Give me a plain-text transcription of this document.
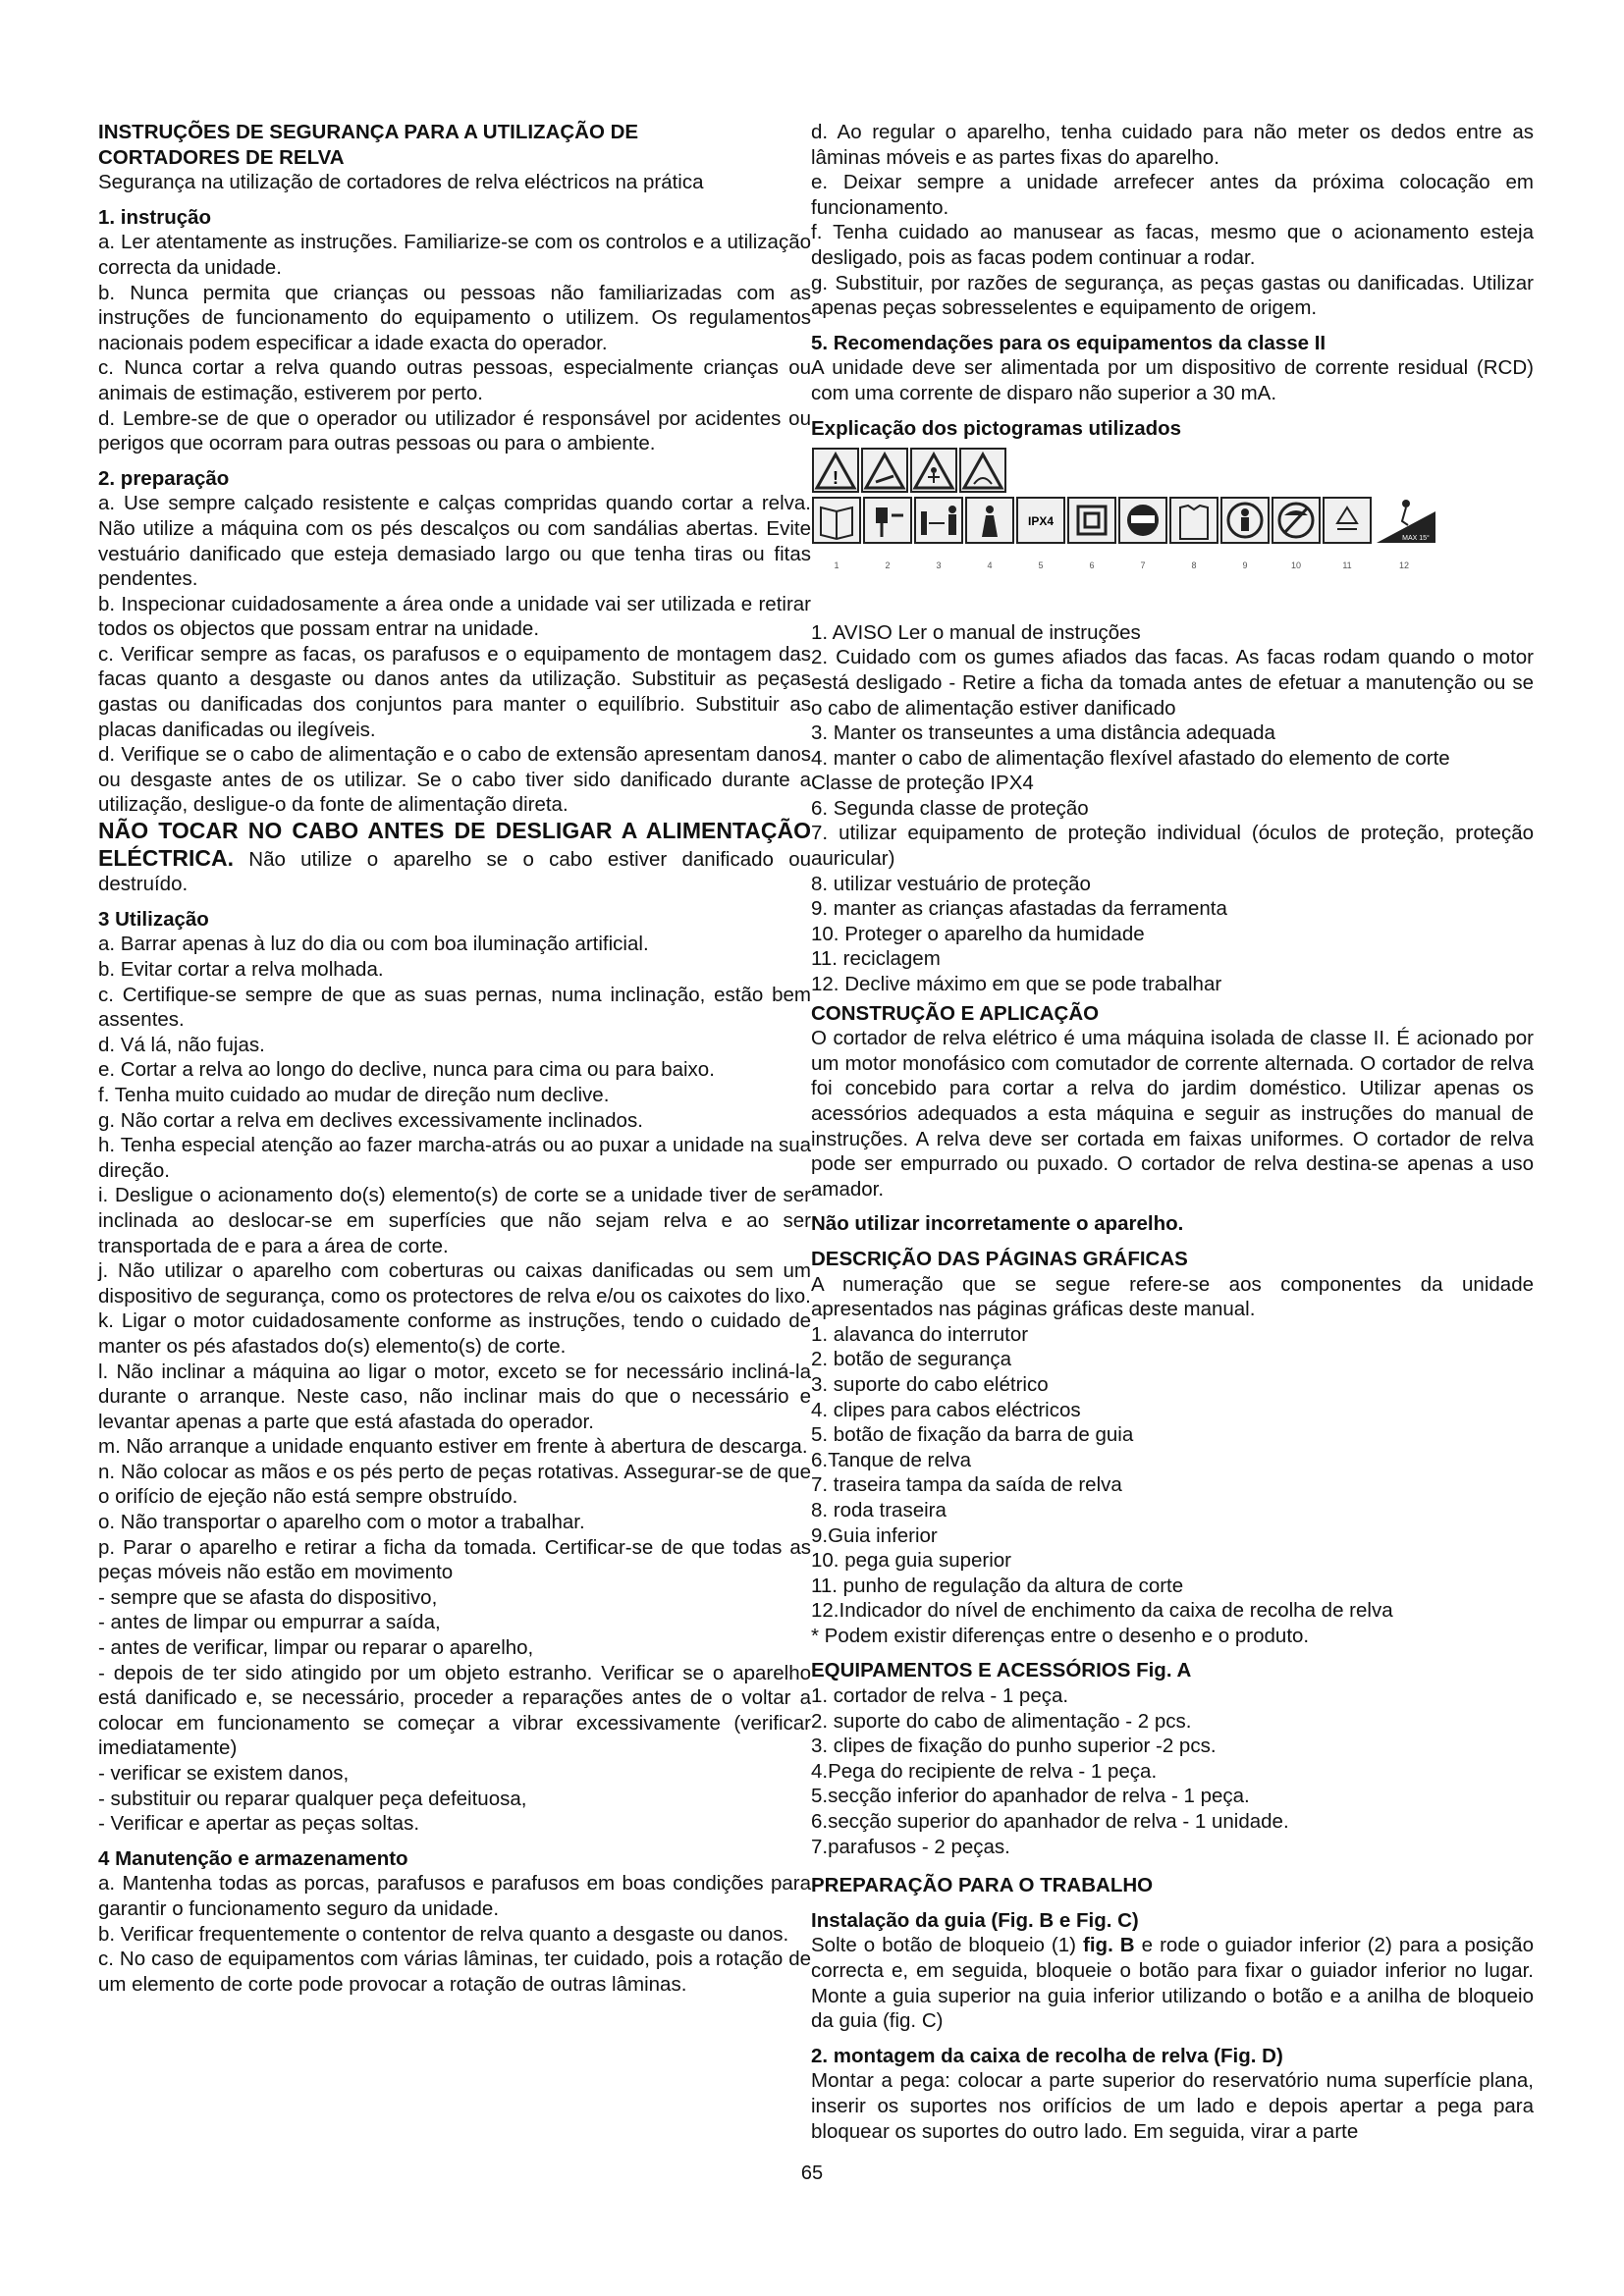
INSTRUÇÕES DE SEGURANÇA PARA A UTILIZAÇÃO DE
CORTADORES DE RELVA

Segurança na utilização de cortadores de relva eléctricos na prática

1. instrução

a. Ler atentamente as instruções. Familiarize-se com os controlos e a utilização correcta da unidade.

b. Nunca permita que crianças ou pessoas não familiarizadas com as instruções de funcionamento do equipamento o utilizem. Os regulamentos nacionais podem especificar a idade exacta do operador.

c. Nunca cortar a relva quando outras pessoas, especialmente crianças ou animais de estimação, estiverem por perto.

d. Lembre-se de que o operador ou utilizador é responsável por acidentes ou perigos que ocorram para outras pessoas ou para o ambiente.

2. preparação

a. Use sempre calçado resistente e calças compridas quando cortar a relva. Não utilize a máquina com os pés descalços ou com sandálias abertas. Evite vestuário danificado que esteja demasiado largo ou que tenha tiras ou fitas pendentes.

b. Inspecionar cuidadosamente a área onde a unidade vai ser utilizada e retirar todos os objectos que possam entrar na unidade.

c. Verificar sempre as facas, os parafusos e o equipamento de montagem das facas quanto a desgaste ou danos antes da utilização. Substituir as peças gastas ou danificadas dos conjuntos para manter o equilíbrio. Substituir as placas danificadas ou ilegíveis.

d. Verifique se o cabo de alimentação e o cabo de extensão apresentam danos ou desgaste antes de os utilizar. Se o cabo tiver sido danificado durante a utilização, desligue-o da fonte de alimentação direta.

NÃO TOCAR NO CABO ANTES DE DESLIGAR A ALIMENTAÇÃO ELÉCTRICA. Não utilize o aparelho se o cabo estiver danificado ou destruído.

3 Utilização

a. Barrar apenas à luz do dia ou com boa iluminação artificial.

b. Evitar cortar a relva molhada.

c. Certifique-se sempre de que as suas pernas, numa inclinação, estão bem assentes.

d. Vá lá, não fujas.

e. Cortar a relva ao longo do declive, nunca para cima ou para baixo.

f. Tenha muito cuidado ao mudar de direção num declive.

g. Não cortar a relva em declives excessivamente inclinados.

h. Tenha especial atenção ao fazer marcha-atrás ou ao puxar a unidade na sua direção.

i. Desligue o acionamento do(s) elemento(s) de corte se a unidade tiver de ser inclinada ao deslocar-se em superfícies que não sejam relva e ao ser transportada de e para a área de corte.

j. Não utilizar o aparelho com coberturas ou caixas danificadas ou sem um dispositivo de segurança, como os protectores de relva e/ou os caixotes do lixo.

k. Ligar o motor cuidadosamente conforme as instruções, tendo o cuidado de manter os pés afastados do(s) elemento(s) de corte.

l. Não inclinar a máquina ao ligar o motor, exceto se for necessário incliná-la durante o arranque. Neste caso, não inclinar mais do que o necessário e levantar apenas a parte que está afastada do operador.

m. Não arranque a unidade enquanto estiver em frente à abertura de descarga.

n. Não colocar as mãos e os pés perto de peças rotativas. Assegurar-se de que o orifício de ejeção não está sempre obstruído.

o. Não transportar o aparelho com o motor a trabalhar.

p. Parar o aparelho e retirar a ficha da tomada. Certificar-se de que todas as peças móveis não estão em movimento

- sempre que se afasta do dispositivo,

- antes de limpar ou empurrar a saída,

- antes de verificar, limpar ou reparar o aparelho,

- depois de ter sido atingido por um objeto estranho. Verificar se o aparelho está danificado e, se necessário, proceder a reparações antes de o voltar a colocar em funcionamento se começar a vibrar excessivamente (verificar imediatamente)

- verificar se existem danos,

- substituir ou reparar qualquer peça defeituosa,

- Verificar e apertar as peças soltas.

4 Manutenção e armazenamento

a. Mantenha todas as porcas, parafusos e parafusos em boas condições para garantir o funcionamento seguro da unidade.

b. Verificar frequentemente o contentor de relva quanto a desgaste ou danos.

c. No caso de equipamentos com várias lâminas, ter cuidado, pois a rotação de um elemento de corte pode provocar a rotação de outras lâminas.

d. Ao regular o aparelho, tenha cuidado para não meter os dedos entre as lâminas móveis e as partes fixas do aparelho.

e. Deixar sempre a unidade arrefecer antes da próxima colocação em funcionamento.

f. Tenha cuidado ao manusear as facas, mesmo que o acionamento esteja desligado, pois as facas podem continuar a rodar.

g. Substituir, por razões de segurança, as peças gastas ou danificadas. Utilizar apenas peças sobresselentes e equipamento de origem.

5. Recomendações para os equipamentos da classe II

A unidade deve ser alimentada por um dispositivo de corrente residual (RCD) com uma corrente de disparo não superior a 30 mA.

Explicação dos pictogramas utilizados

!
IPX4
MAX 15°
1	2	3	4	5	6	7	8	9	10	11	12

1. AVISO Ler o manual de instruções

2. Cuidado com os gumes afiados das facas. As facas rodam quando o motor está desligado - Retire a ficha da tomada antes de efetuar a manutenção ou se o cabo de alimentação estiver danificado

3. Manter os transeuntes a uma distância adequada

4. manter o cabo de alimentação flexível afastado do elemento de corte

Classe de proteção IPX4

6. Segunda classe de proteção

7. utilizar equipamento de proteção individual (óculos de proteção, proteção auricular)

8. utilizar vestuário de proteção

9. manter as crianças afastadas da ferramenta

10. Proteger o aparelho da humidade

11. reciclagem

12. Declive máximo em que se pode trabalhar

CONSTRUÇÃO E APLICAÇÃO

O cortador de relva elétrico é uma máquina isolada de classe II. É acionado por um motor monofásico com comutador de corrente alternada. O cortador de relva foi concebido para cortar a relva do jardim doméstico. Utilizar apenas os acessórios adequados a esta máquina e seguir as instruções do manual de instruções. A relva deve ser cortada em faixas uniformes. O cortador de relva pode ser empurrado ou puxado. O cortador de relva destina-se apenas a uso amador.

Não utilizar incorretamente o aparelho.

DESCRIÇÃO DAS PÁGINAS GRÁFICAS

A numeração que se segue refere-se aos componentes da unidade apresentados nas páginas gráficas deste manual.

1. alavanca do interrutor

2. botão de segurança

3. suporte do cabo elétrico

4. clipes para cabos eléctricos

5. botão de fixação da barra de guia

6.Tanque de relva

7. traseira tampa da saída de relva

8. roda traseira

9.Guia inferior

10. pega guia superior

11. punho de regulação da altura de corte

12.Indicador do nível de enchimento da caixa de recolha de relva

* Podem existir diferenças entre o desenho e o produto.

EQUIPAMENTOS E ACESSÓRIOS Fig. A

1. cortador de relva - 1 peça.

2. suporte do cabo de alimentação - 2 pcs.

3. clipes de fixação do punho superior -2 pcs.

4.Pega do recipiente de relva - 1 peça.

5.secção inferior do apanhador de relva - 1 peça.

6.secção superior do apanhador de relva - 1 unidade.

7.parafusos - 2 peças.

PREPARAÇÃO PARA O TRABALHO

Instalação da guia (Fig. B e Fig. C)

Solte o botão de bloqueio (1) fig. B e rode o guiador inferior (2) para a posição correcta e, em seguida, bloqueie o botão para fixar o guiador inferior no lugar. Monte a guia superior na guia inferior utilizando o botão e a anilha de bloqueio da guia (fig. C)

2. montagem da caixa de recolha de relva (Fig. D)

Montar a pega: colocar a parte superior do reservatório numa superfície plana, inserir os suportes nos orifícios de um lado e depois apertar a pega para bloquear os suportes do outro lado. Em seguida, virar a parte

65
